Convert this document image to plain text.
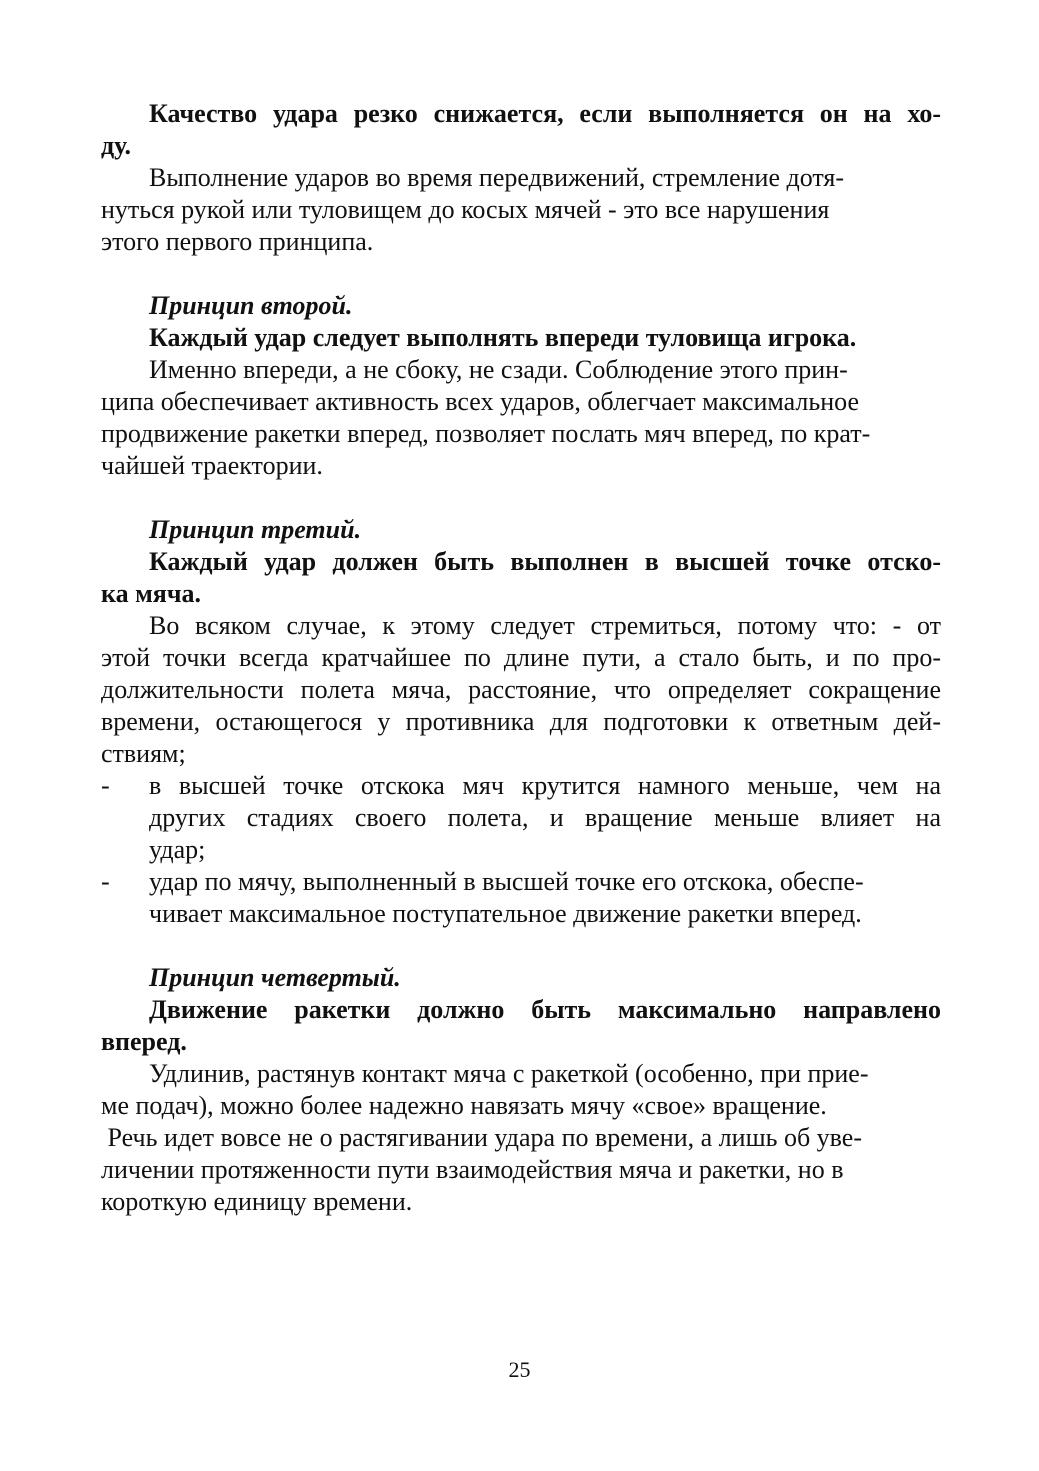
Качество удара резко снижается, если выполняется он на хо-
ду.
Выполнение ударов во время передвижений, стремление дотя-
нуться рукой или туловищем до косых мячей - это все нарушения
этого первого принципа.
Принцип второй.
Каждый удар следует выполнять впереди туловища игрока.
Именно впереди, а не сбоку, не сзади. Соблюдение этого прин-
ципа обеспечивает активность всех ударов, облегчает максимальное
продвижение ракетки вперед, позволяет послать мяч вперед, по крат-
чайшей траектории.
Принцип третий.
Каждый удар должен быть выполнен в высшей точке отско-
ка мяча.
Во всяком случае, к этому следует стремиться, потому что: - от
этой точки всегда кратчайшее по длине пути, а стало быть, и по про-
должительности полета мяча, расстояние, что определяет сокращение
времени, остающегося у противника для подготовки к ответным дей-
ствиям;
- в высшей точке отскока мяч крутится намного меньше, чем на
других стадиях своего полета, и вращение меньше влияет на
удар;
- удар по мячу, выполненный в высшей точке его отскока, обеспе-
чивает максимальное поступательное движение ракетки вперед.
Принцип четвертый.
Движение ракетки должно быть максимально направлено
вперед.
Удлинив, растянув контакт мяча с ракеткой (особенно, при прие-
ме подач), можно более надежно навязать мячу «свое» вращение.
Речь идет вовсе не о растягивании удара по времени, а лишь об уве-
личении протяженности пути взаимодействия мяча и ракетки, но в
короткую единицу времени.
25
